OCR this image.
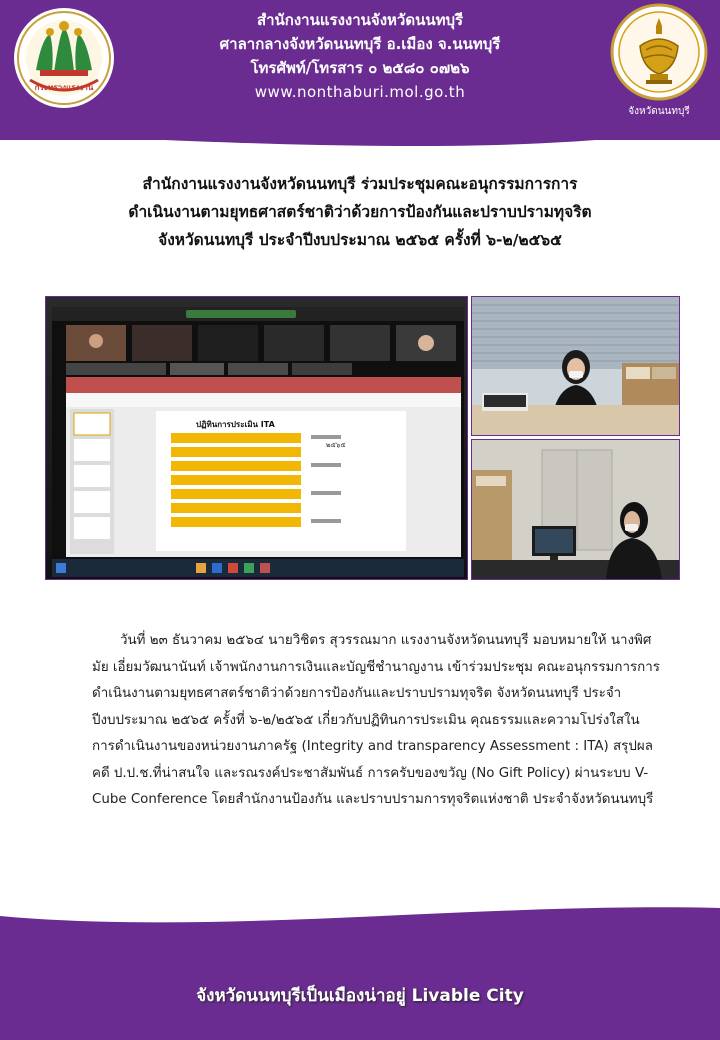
กระทรวงแรงงาน
สำนักงานแรงงานจังหวัดนนทบุรี
ศาลากลางจังหวัดนนทบุรี อ.เมือง จ.นนทบุรี
โทรศัพท์/โทรสาร ๐ ๒๕๘๐ ๐๗๒๖
www.nonthaburi.mol.go.th
จังหวัดนนทบุรี
สำนักงานแรงงานจังหวัดนนทบุรี ร่วมประชุมคณะอนุกรรมการการ
ดำเนินงานตามยุทธศาสตร์ชาติว่าด้วยการป้องกันและปราบปรามทุจริต
จังหวัดนนทบุรี ประจำปีงบประมาณ ๒๕๖๕ ครั้งที่ ๖-๒/๒๕๖๕
ปฏิทินการประเมิน ITA
๒๕๖๕

วันที่ ๒๓ ธันวาคม ๒๕๖๔ นายวิชิตร สุวรรณมาก แรงงานจังหวัดนนทบุรี มอบหมายให้ นางพิศมัย เอี่ยมวัฒนานันท์ เจ้าพนักงานการเงินและบัญชีชำนาญงาน เข้าร่วมประชุม คณะอนุกรรมการการดำเนินงานตามยุทธศาสตร์ชาติว่าด้วยการป้องกันและปราบปรามทุจริต จังหวัดนนทบุรี ประจำปีงบประมาณ ๒๕๖๕ ครั้งที่ ๖-๒/๒๕๖๕ เกี่ยวกับปฏิทินการประเมิน คุณธรรมและความโปร่งใสในการดำเนินงานของหน่วยงานภาครัฐ (Integrity and transparency Assessment : ITA) สรุปผลคดี ป.ป.ช.ที่น่าสนใจ และรณรงค์ประชาสัมพันธ์ การครับของขวัญ (No Gift Policy) ผ่านระบบ V-Cube Conference โดยสำนักงานป้องกัน และปราบปรามการทุจริตแห่งชาติ ประจำจังหวัดนนทบุรี

จังหวัดนนทบุรีเป็นเมืองน่าอยู่ Livable City
